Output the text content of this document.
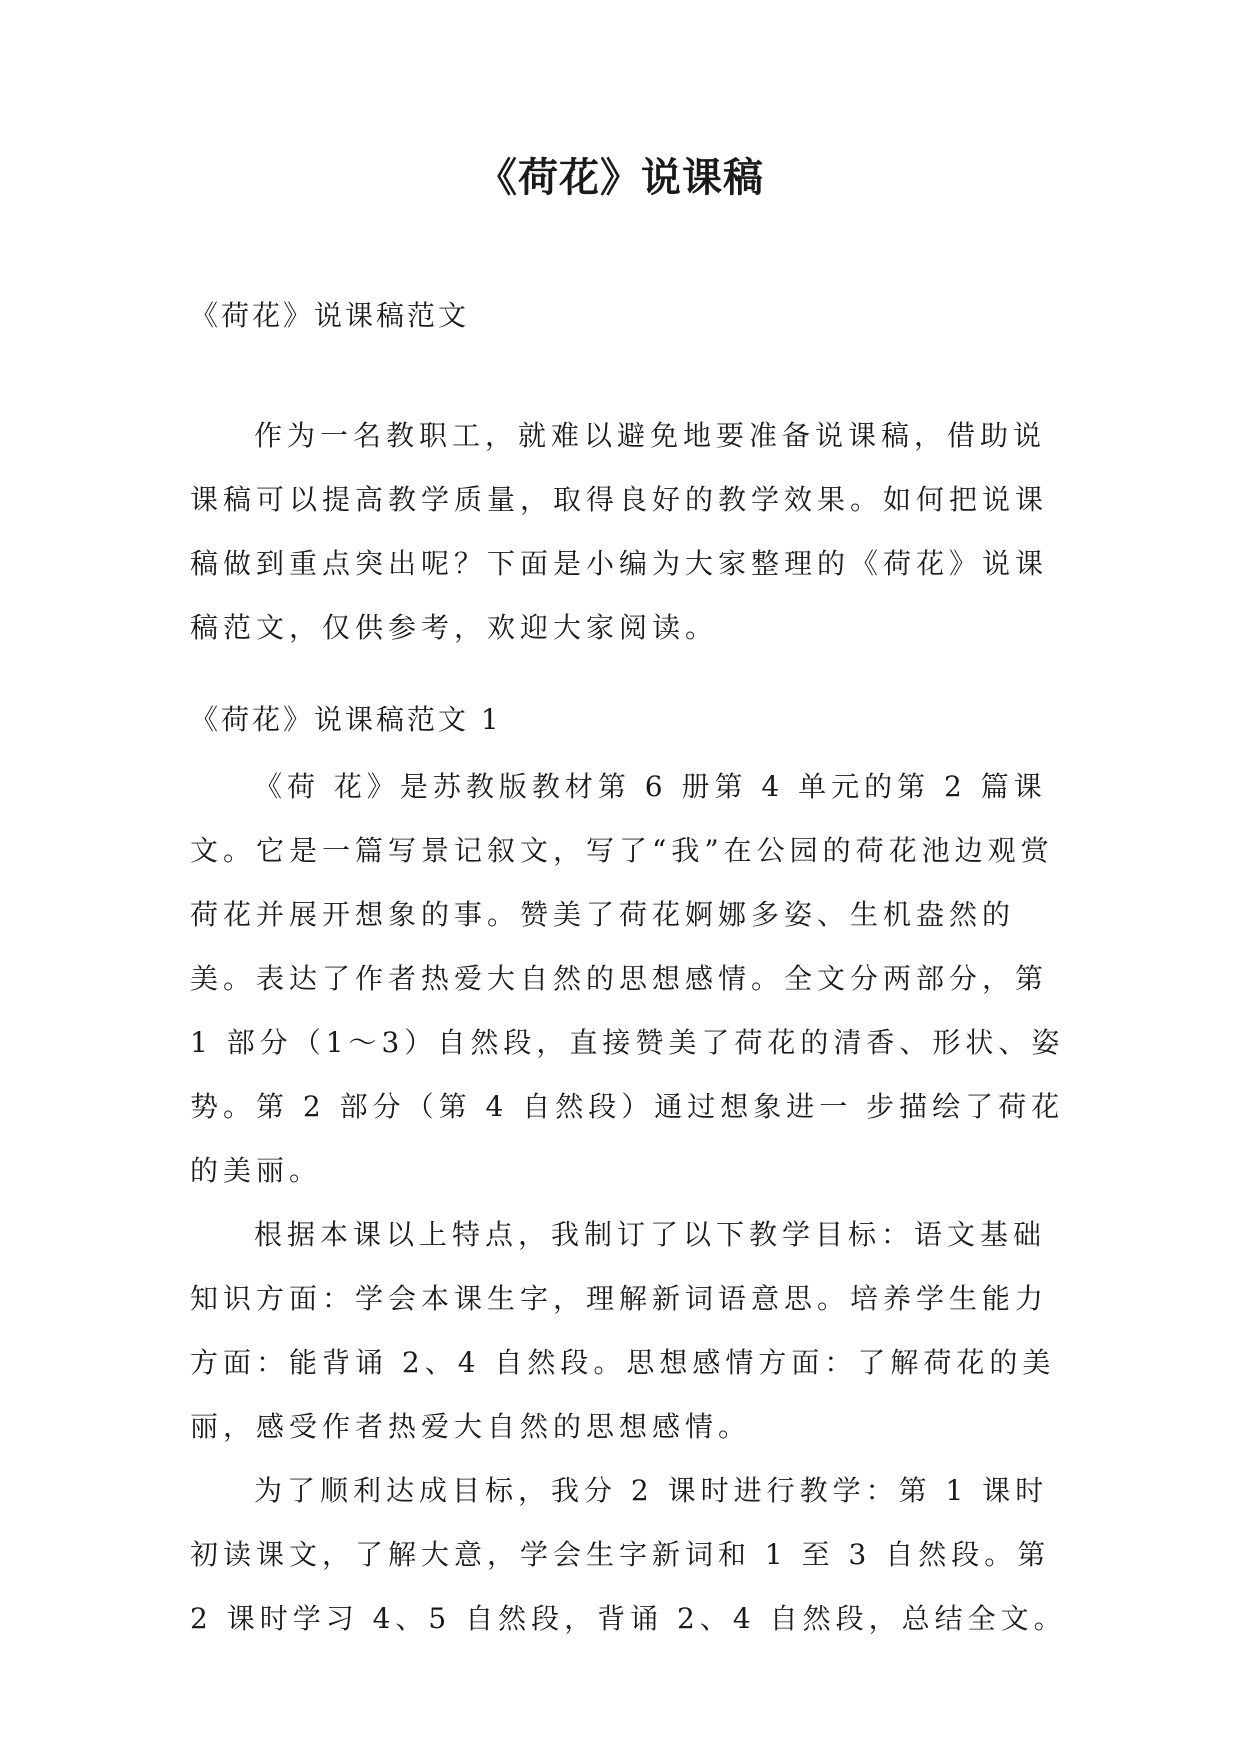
《荷花》说课稿

《荷花》说课稿范文

作为一名教职工，就难以避免地要准备说课稿，借助说课稿可以提高教学质量，取得良好的教学效果。如何把说课稿做到重点突出呢？下面是小编为大家整理的《荷花》说课稿范文，仅供参考，欢迎大家阅读。

《荷花》说课稿范文 1

《荷 花》是苏教版教材第 6 册第 4 单元的第 2 篇课文。它是一篇写景记叙文，写了“我”在公园的荷花池边观赏荷花并展开想象的事。赞美了荷花婀娜多姿、生机盎然的 美。表达了作者热爱大自然的思想感情。全文分两部分，第 1 部分（1～3）自然段，直接赞美了荷花的清香、形状、姿势。第 2 部分（第 4 自然段）通过想象进一 步描绘了荷花的美丽。

根据本课以上特点，我制订了以下教学目标：语文基础知识方面：学会本课生字，理解新词语意思。培养学生能力方面：能背诵 2、4 自然段。思想感情方面：了解荷花的美丽，感受作者热爱大自然的思想感情。

为了顺利达成目标，我分 2 课时进行教学：第 1 课时初读课文，了解大意，学会生字新词和 1 至 3 自然段。第 2 课时学习 4、5 自然段，背诵 2、4 自然段，总结全文。
